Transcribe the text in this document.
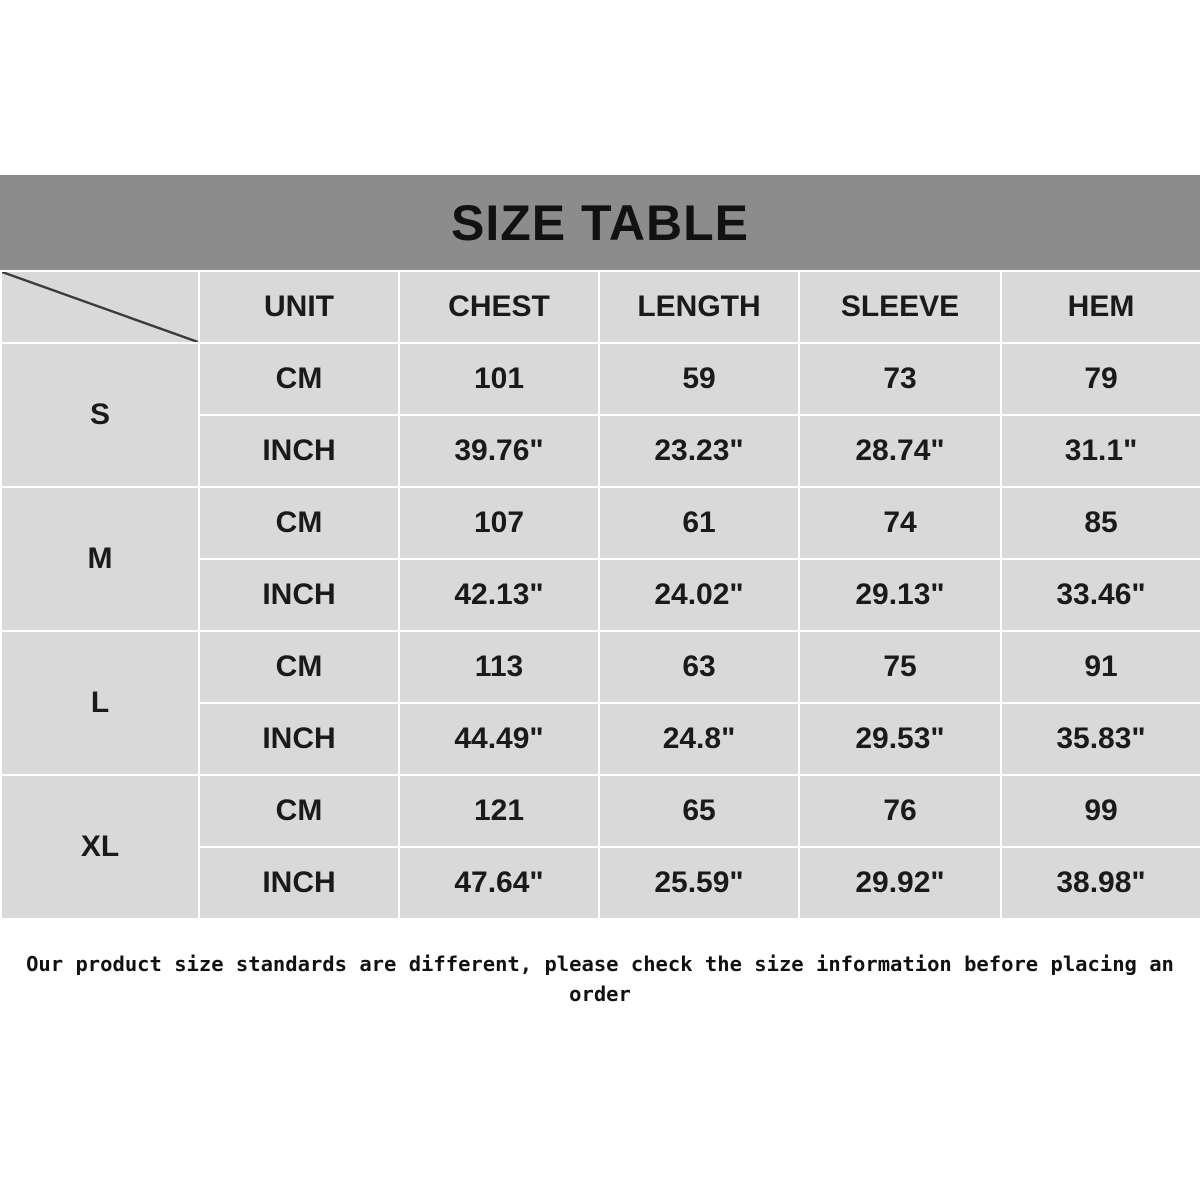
SIZE TABLE
	UNIT	CHEST	LENGTH	SLEEVE	HEM
S	CM	101	59	73	79
	INCH	39.76"	23.23"	28.74"	31.1"
M	CM	107	61	74	85
	INCH	42.13"	24.02"	29.13"	33.46"
L	CM	113	63	75	91
	INCH	44.49"	24.8"	29.53"	35.83"
XL	CM	121	65	76	99
	INCH	47.64"	25.59"	29.92"	38.98"
Our product size standards are different, please check the size information before placing an order
